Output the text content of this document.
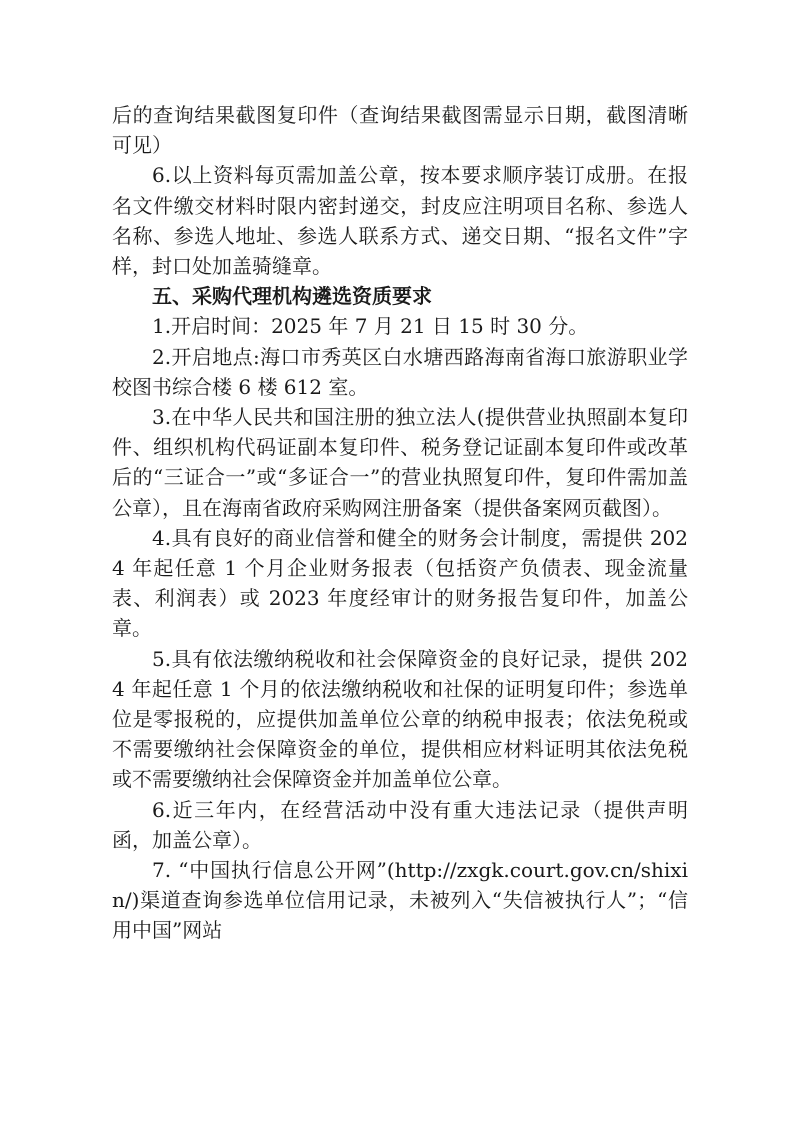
后的查询结果截图复印件（查询结果截图需显示日期，截图清晰可见）

6.以上资料每页需加盖公章，按本要求顺序装订成册。在报名文件缴交材料时限内密封递交，封皮应注明项目名称、参选人名称、参选人地址、参选人联系方式、递交日期、“报名文件”字样，封口处加盖骑缝章。

五、采购代理机构遴选资质要求

1.开启时间：2025 年 7 月 21 日 15 时 30 分。

2.开启地点:海口市秀英区白水塘西路海南省海口旅游职业学校图书综合楼 6 楼 612 室。

3.在中华人民共和国注册的独立法人(提供营业执照副本复印件、组织机构代码证副本复印件、税务登记证副本复印件或改革后的“三证合一”或“多证合一”的营业执照复印件，复印件需加盖公章），且在海南省政府采购网注册备案（提供备案网页截图）。

4.具有良好的商业信誉和健全的财务会计制度，需提供 2024 年起任意 1 个月企业财务报表（包括资产负债表、现金流量表、利润表）或 2023 年度经审计的财务报告复印件，加盖公章。

5.具有依法缴纳税收和社会保障资金的良好记录，提供 2024 年起任意 1 个月的依法缴纳税收和社保的证明复印件；参选单位是零报税的，应提供加盖单位公章的纳税申报表；依法免税或不需要缴纳社会保障资金的单位，提供相应材料证明其依法免税或不需要缴纳社会保障资金并加盖单位公章。

6.近三年内，在经营活动中没有重大违法记录（提供声明函，加盖公章）。

7. “中国执行信息公开网”(http://zxgk.court.gov.cn/shixin/)渠道查询参选单位信用记录，未被列入“失信被执行人”；“信用中国”网站
